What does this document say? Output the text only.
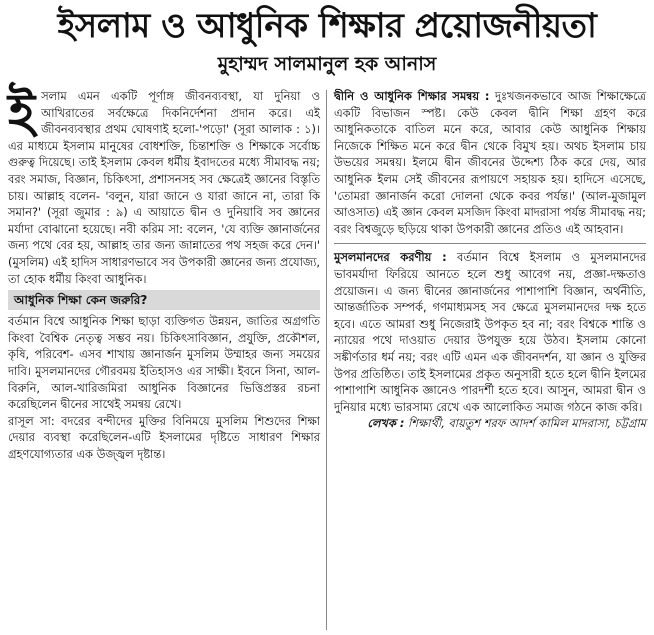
ইসলাম ও আধুনিক শিক্ষার প্রয়োজনীয়তা
মুহাম্মদ সালমানুল হক আনাস

ইসলাম এমন একটি পূর্ণাঙ্গ জীবনব্যবস্থা, যা দুনিয়া ও আখিরাতের সর্বক্ষেত্রে দিকনির্দেশনা প্রদান করে। এই জীবনব্যবস্থার প্রথম ঘোষণাই হলো-'পড়ো' (সূরা আলাক : ১)। এর মাধ্যমে ইসলাম মানুষের বোধশক্তি, চিন্তাশক্তি ও শিক্ষাকে সর্বোচ্চ গুরুত্ব দিয়েছে। তাই ইসলাম কেবল ধর্মীয় ইবাদতের মধ্যে সীমাবদ্ধ নয়; বরং সমাজ, বিজ্ঞান, চিকিৎসা, প্রশাসনসহ সব ক্ষেত্রেই জ্ঞানের বিস্তৃতি চায়। আল্লাহ বলেন- 'বলুন, যারা জানে ও যারা জানে না, তারা কি সমান?' (সূরা জুমার : ৯) এ আয়াতে দ্বীন ও দুনিয়াবি সব জ্ঞানের মর্যাদা বোঝানো হয়েছে। নবী করিম সা: বলেন, 'যে ব্যক্তি জ্ঞানার্জনের জন্য পথে বের হয়, আল্লাহ তার জন্য জান্নাতের পথ সহজ করে দেন।' (মুসলিম) এই হাদিস সাধারণভাবে সব উপকারী জ্ঞানের জন্য প্রযোজ্য, তা হোক ধর্মীয় কিংবা আধুনিক।

আধুনিক শিক্ষা কেন জরুরি?

বর্তমান বিশ্বে আধুনিক শিক্ষা ছাড়া ব্যক্তিগত উন্নয়ন, জাতির অগ্রগতি কিংবা বৈশ্বিক নেতৃত্ব সম্ভব নয়। চিকিৎসাবিজ্ঞান, প্রযুক্তি, প্রকৌশল, কৃষি, পরিবেশ- এসব শাখায় জ্ঞানার্জন মুসলিম উম্মাহর জন্য সময়ের দাবি। মুসলমানদের গৌরবময় ইতিহাসও এর সাক্ষী। ইবনে সিনা, আল-বিরুনি, আল-খারিজমিরা আধুনিক বিজ্ঞানের ভিত্তিপ্রস্তর রচনা করেছিলেন দ্বীনের সাথেই সমন্বয় রেখে।

রাসূল সা: বদরের বন্দীদের মুক্তির বিনিময়ে মুসলিম শিশুদের শিক্ষা দেয়ার ব্যবস্থা করেছিলেন-এটি ইসলামের দৃষ্টিতে সাধারণ শিক্ষার গ্রহণযোগ্যতার এক উজ্জ্বল দৃষ্টান্ত।

দ্বীনি ও আধুনিক শিক্ষার সমন্বয় : দুঃখজনকভাবে আজ শিক্ষাক্ষেত্রে একটি বিভাজন স্পষ্ট। কেউ কেবল দ্বীনি শিক্ষা গ্রহণ করে আধুনিকতাকে বাতিল মনে করে, আবার কেউ আধুনিক শিক্ষায় নিজেকে শিক্ষিত মনে করে দ্বীন থেকে বিমুখ হয়। অথচ ইসলাম চায় উভয়ের সমন্বয়। ইলমে দ্বীন জীবনের উদ্দেশ্য ঠিক করে দেয়, আর আধুনিক ইলম সেই জীবনের রূপায়ণে সহায়ক হয়। হাদিসে এসেছে, 'তোমরা জ্ঞানার্জন করো দোলনা থেকে কবর পর্যন্ত।' (আল-মুজামুল আওসাত) এই জ্ঞান কেবল মসজিদ কিংবা মাদরাসা পর্যন্ত সীমাবদ্ধ নয়; বরং বিশ্বজুড়ে ছড়িয়ে থাকা উপকারী জ্ঞানের প্রতিও এই আহবান।

মুসলমানদের করণীয় : বর্তমান বিশ্বে ইসলাম ও মুসলমানদের ভাবমর্যাদা ফিরিয়ে আনতে হলে শুধু আবেগ নয়, প্রজ্ঞা-দক্ষতাও প্রয়োজন। এ জন্য দ্বীনের জ্ঞানার্জনের পাশাপাশি বিজ্ঞান, অর্থনীতি, আন্তর্জাতিক সম্পর্ক, গণমাধ্যমসহ সব ক্ষেত্রে মুসলমানদের দক্ষ হতে হবে। এতে আমরা শুধু নিজেরাই উপকৃত হব না; বরং বিশ্বকে শান্তি ও ন্যায়ের পথে দাওয়াত দেয়ার উপযুক্ত হয়ে উঠব। ইসলাম কোনো সঙ্কীর্ণতার ধর্ম নয়; বরং এটি এমন এক জীবনদর্শন, যা জ্ঞান ও যুক্তির উপর প্রতিষ্ঠিত। তাই ইসলামের প্রকৃত অনুসারী হতে হলে দ্বীনি ইলমের পাশাপাশি আধুনিক জ্ঞানেও পারদর্শী হতে হবে। আসুন, আমরা দ্বীন ও দুনিয়ার মধ্যে ভারসাম্য রেখে এক আলোকিত সমাজ গঠনে কাজ করি।

লেখক : শিক্ষার্থী, বায়তুশ শরফ আদর্শ কামিল মাদরাসা, চট্টগ্রাম
